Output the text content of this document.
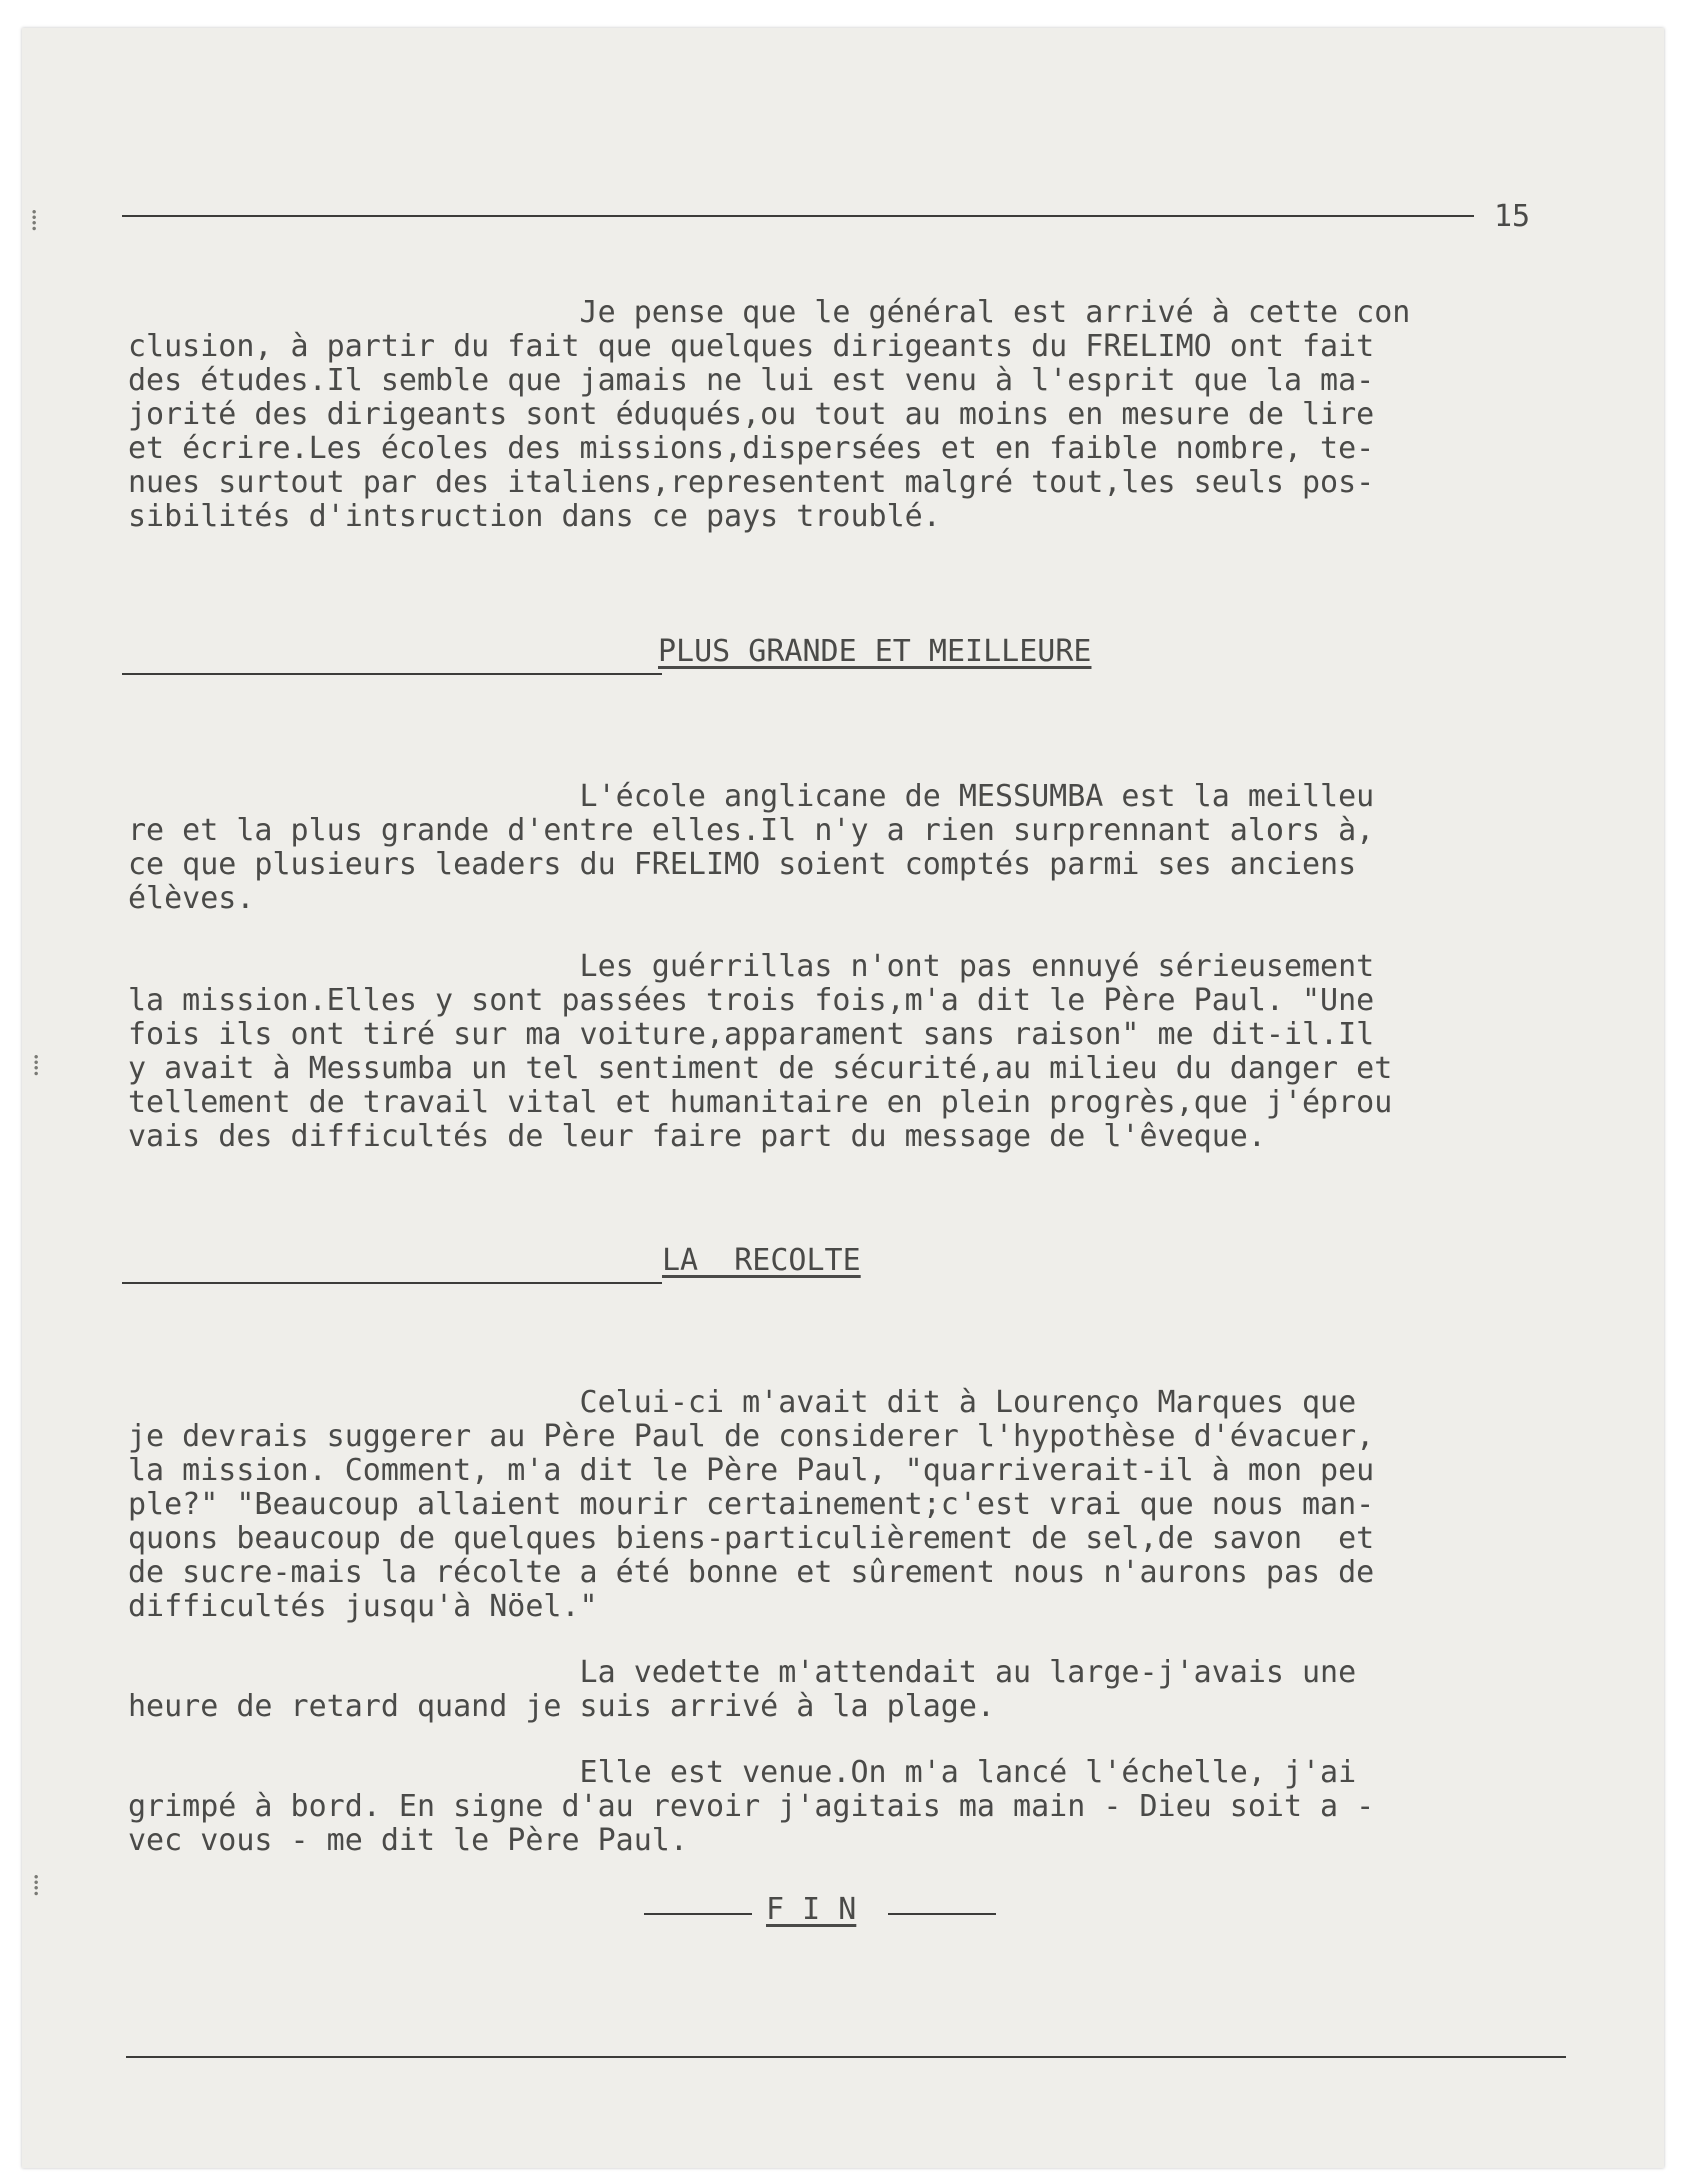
⁞
⁞
⁞
15
Je pense que le général est arrivé à cette con
clusion, à partir du fait que quelques dirigeants du FRELIMO ont fait
des études.Il semble que jamais ne lui est venu à l'esprit que la ma-
jorité des dirigeants sont éduqués,ou tout au moins en mesure de lire
et écrire.Les écoles des missions,dispersées et en faible nombre, te-
nues surtout par des italiens,representent malgré tout,les seuls pos-
sibilités d'intsruction dans ce pays troublé.
PLUS GRANDE ET MEILLEURE
L'école anglicane de MESSUMBA est la meilleu
re et la plus grande d'entre elles.Il n'y a rien surprennant alors à,
ce que plusieurs leaders du FRELIMO soient comptés parmi ses anciens
élèves.
Les guérrillas n'ont pas ennuyé sérieusement
la mission.Elles y sont passées trois fois,m'a dit le Père Paul. "Une
fois ils ont tiré sur ma voiture,apparament sans raison" me dit-il.Il
y avait à Messumba un tel sentiment de sécurité,au milieu du danger et
tellement de travail vital et humanitaire en plein progrès,que j'éprou
vais des difficultés de leur faire part du message de l'êveque.
LA  RECOLTE
Celui-ci m'avait dit à Lourenço Marques que
je devrais suggerer au Père Paul de considerer l'hypothèse d'évacuer,
la mission. Comment, m'a dit le Père Paul, "quarriverait-il à mon peu
ple?" "Beaucoup allaient mourir certainement;c'est vrai que nous man-
quons beaucoup de quelques biens-particulièrement de sel,de savon  et
de sucre-mais la récolte a été bonne et sûrement nous n'aurons pas de
difficultés jusqu'à Nöel."
La vedette m'attendait au large-j'avais une
heure de retard quand je suis arrivé à la plage.
Elle est venue.On m'a lancé l'échelle, j'ai
grimpé à bord. En signe d'au revoir j'agitais ma main - Dieu soit a -
vec vous - me dit le Père Paul.
F I N
